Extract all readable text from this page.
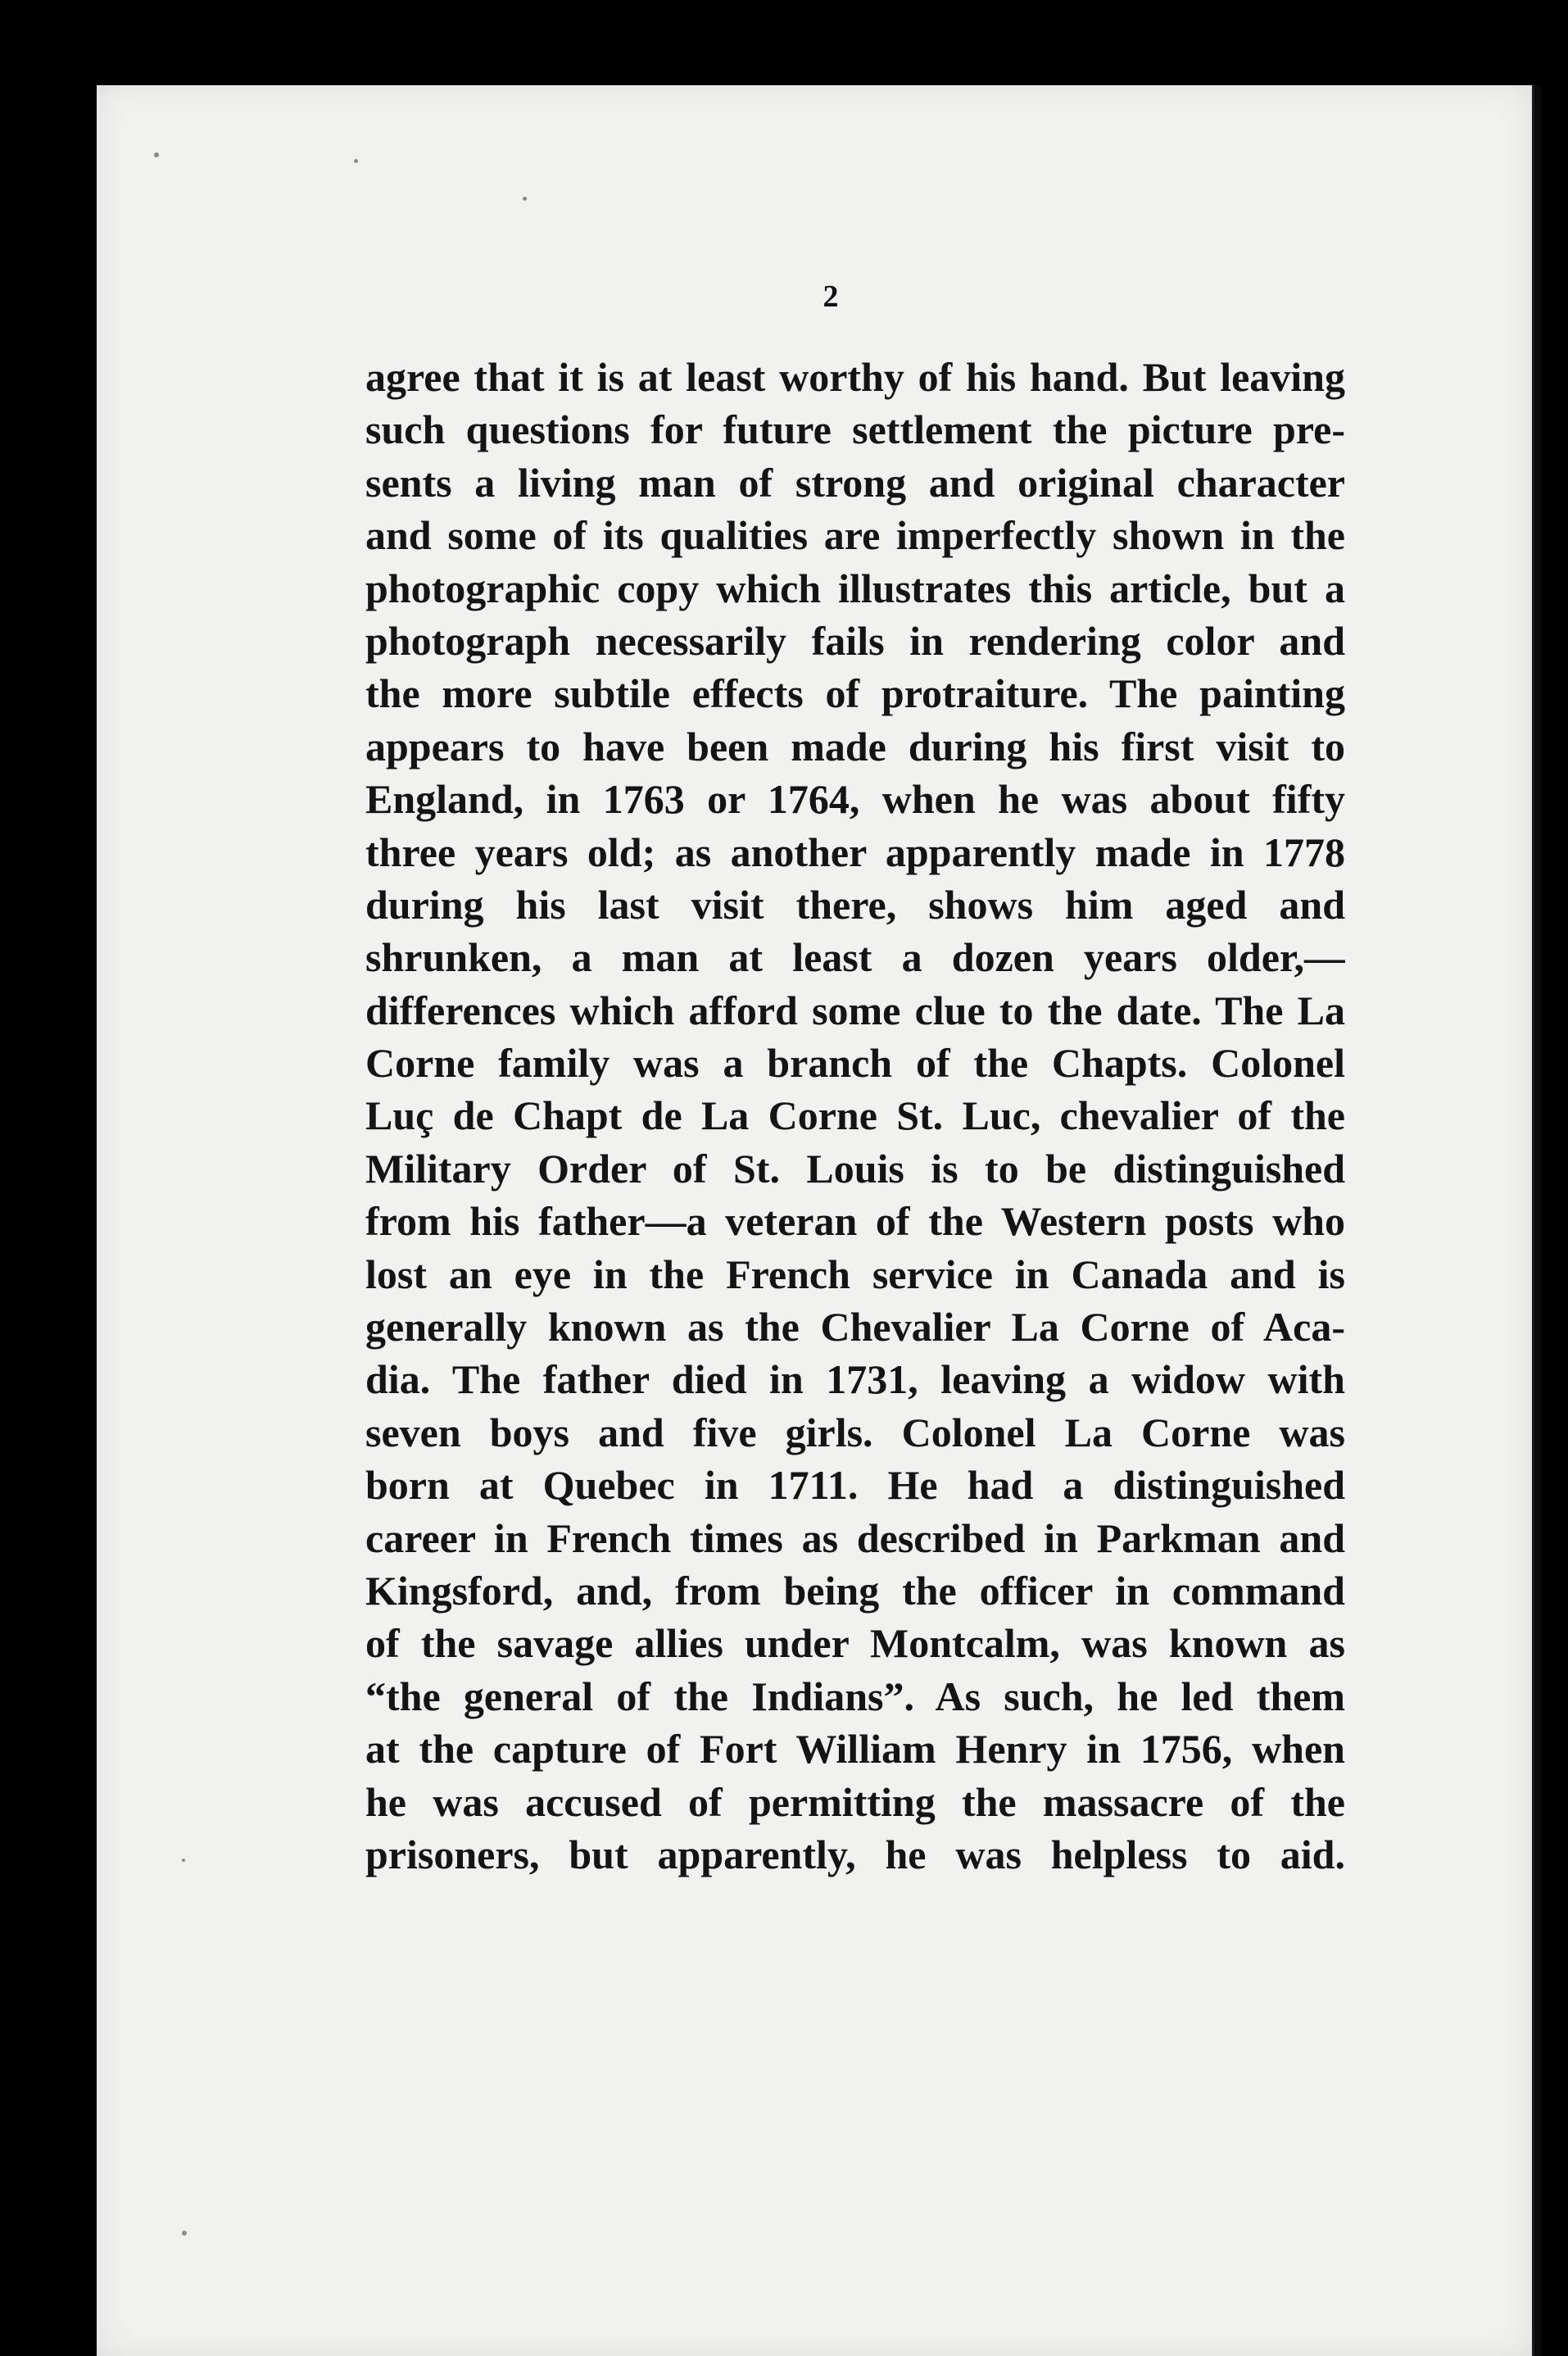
2
agree that it is at least worthy of his hand. But leaving
such questions for future settlement the picture pre-
sents a living man of strong and original character
and some of its qualities are imperfectly shown in the
photographic copy which illustrates this article, but a
photograph necessarily fails in rendering color and
the more subtile effects of protraiture. The painting
appears to have been made during his first visit to
England, in 1763 or 1764, when he was about fifty
three years old; as another apparently made in 1778
during his last visit there, shows him aged and
shrunken, a man at least a dozen years older,—
differences which afford some clue to the date. The La
Corne family was a branch of the Chapts. Colonel
Luç de Chapt de La Corne St. Luc, chevalier of the
Military Order of St. Louis is to be distinguished
from his father—a veteran of the Western posts who
lost an eye in the French service in Canada and is
generally known as the Chevalier La Corne of Aca-
dia. The father died in 1731, leaving a widow with
seven boys and five girls. Colonel La Corne was
born at Quebec in 1711. He had a distinguished
career in French times as described in Parkman and
Kingsford, and, from being the officer in command
of the savage allies under Montcalm, was known as
“the general of the Indians”. As such, he led them
at the capture of Fort William Henry in 1756, when
he was accused of permitting the massacre of the
prisoners, but apparently, he was helpless to aid.
